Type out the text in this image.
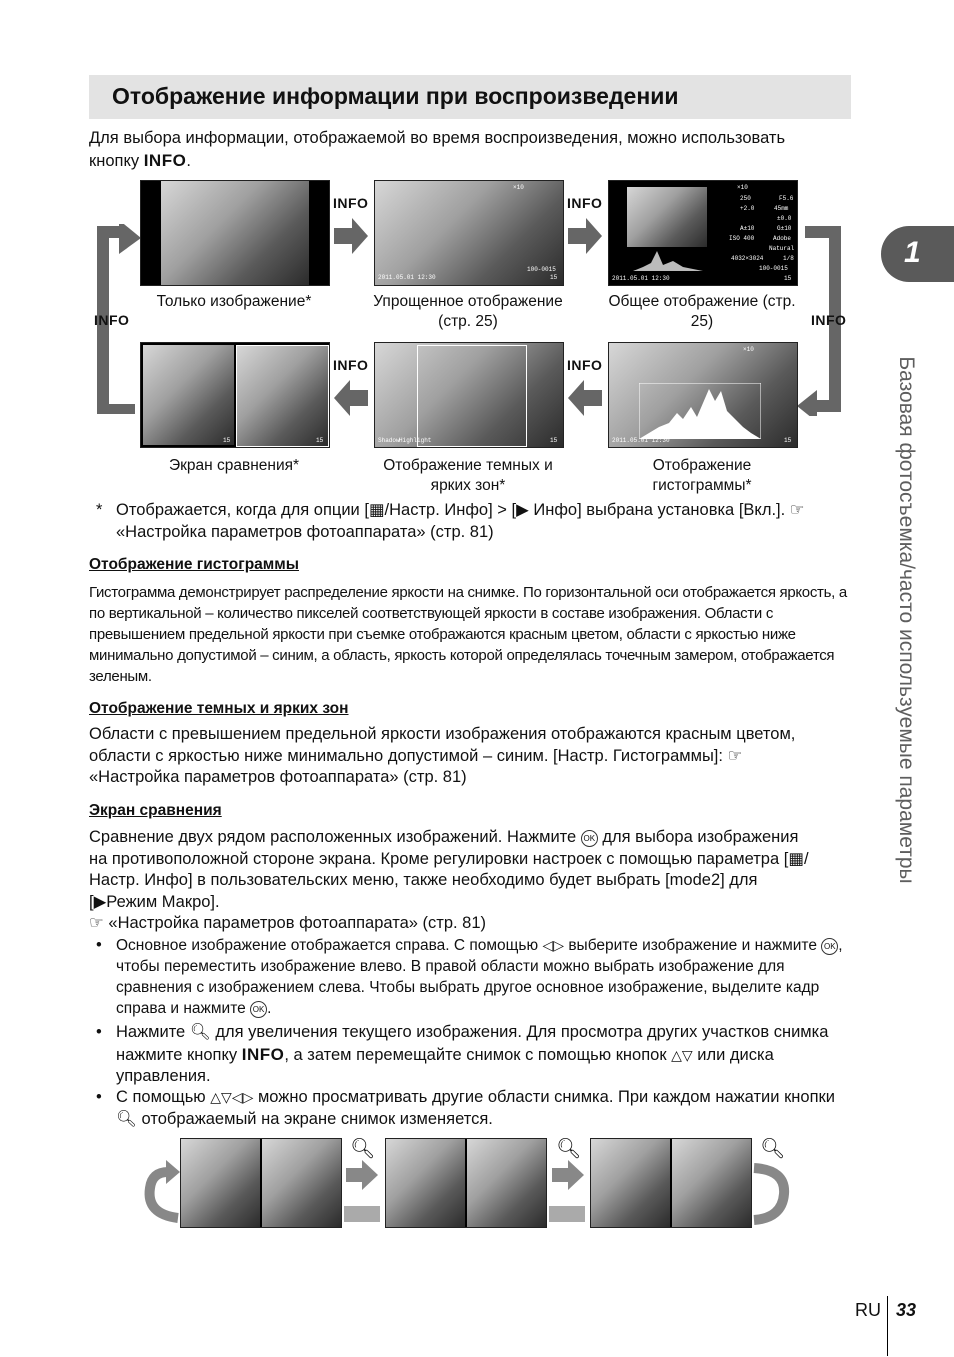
Отображение информации при воспроизведении
Для выбора информации, отображаемой во время воспроизведения, можно использовать кнопку INFO.
INFO	INFO
INFO
2011.05.01 12:30	15
100-0015
×10
INFO
×10
250	F5.6
+2.0	45mm
±0.0
A±10	G±10
ISO 400	Adobe
Natural
4032×3024	1/8
100-0015
2011.05.01 12:30	15
Только изображение*	Упрощенное отображение (стр. 25)
Общее отображение (стр. 25)
15	15
INFO
Shadow Highlight	15
INFO
×10
2011.05.01 12:30	15
Экран сравнения*	Отображение темных и ярких зон*
Отображение гистограммы*
* Отображается, когда для опции [▦/Настр. Инфо] > [▶ Инфо] выбрана установка [Вкл.]. ☞ «Настройка параметров фотоаппарата» (стр. 81)
Отображение гистограммы
Гистограмма демонстрирует распределение яркости на снимке. По горизонтальной оси отображается яркость, а по вертикальной – количество пикселей соответствующей яркости в составе изображения. Области с превышением предельной яркости при съемке отображаются красным цветом, области с яркостью ниже минимально допустимой – синим, а область, яркость которой определялась точечным замером, отображается зеленым.
Отображение темных и ярких зон
Области с превышением предельной яркости изображения отображаются красным цветом, области с яркостью ниже минимально допустимой – синим. [Настр. Гистограммы]: ☞ «Настройка параметров фотоаппарата» (стр. 81)
Экран сравнения
Сравнение двух рядом расположенных изображений. Нажмите OK для выбора изображения на противоположной стороне экрана. Кроме регулировки настроек с помощью параметра [▦/Настр. Инфо] в пользовательских меню, также необходимо будет выбрать [mode2] для [▶Режим Макро].
☞ «Настройка параметров фотоаппарата» (стр. 81)
• Основное изображение отображается справа. С помощью ◁▷ выберите изображение и нажмите OK , чтобы переместить изображение влево. В правой области можно выбрать изображение для сравнения с изображением слева. Чтобы выбрать другое основное изображение, выделите кадр справа и нажмите OK .
• Нажмите 🔍︎ для увеличения текущего изображения. Для просмотра других участков снимка нажмите кнопку INFO, а затем перемещайте снимок с помощью кнопок △▽ или диска управления.
• С помощью △▽◁▷ можно просматривать другие области снимка. При каждом нажатии кнопки 🔍︎ отображаемый на экране снимок изменяется.
🔍︎	🔍︎	🔍︎
1
Базовая фотосъемка/часто используемые параметры
RU 33
